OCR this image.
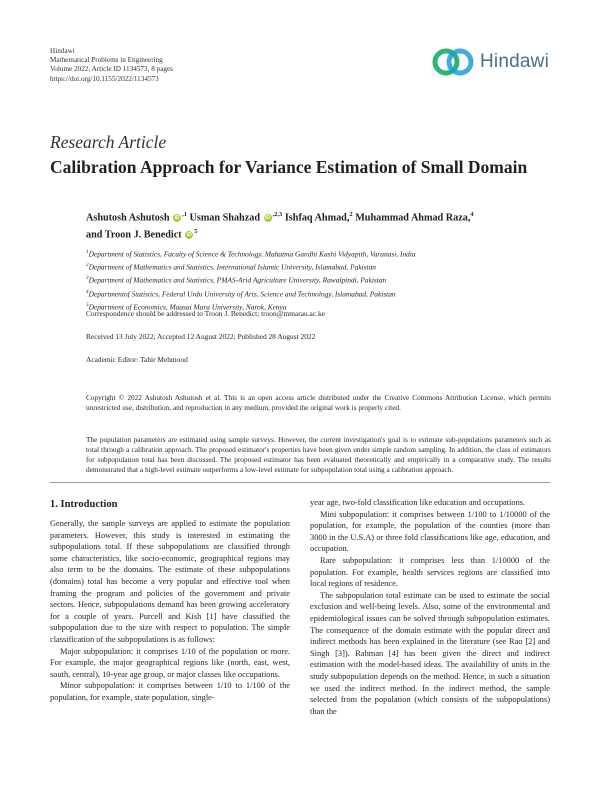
Hindawi
Mathematical Problems in Engineering
Volume 2022, Article ID 1134573, 8 pages
https://doi.org/10.1155/2022/1134573
Hindawi
Research Article
Calibration Approach for Variance Estimation of Small Domain
Ashutosh Ashutosh $iD^{,1}$ Usman Shahzad $iD^{,2,3}$ Ishfaq Ahmad,$^2$ Muhammad Ahmad Raza,$^4$
and Troon J. Benedict $iD^5$
$^1$Department of Statistics, Faculty of Science & Technology, Mahatma Gandhi Kashi Vidyapith, Varanasi, India
$^2$Department of Mathematics and Statistics, International Islamic University, Islamabad, Pakistan
$^3$Department of Mathematics and Statistics, PMAS-Arid Agriculture University, Rawalpindi, Pakistan
$^4$Departmentof Statistics, Federal Urdu University of Arts, Science and Technology, Islamabad, Pakistan
$^5$Department of Economics, Maasai Mara University, Narok, Kenya
Correspondence should be addressed to Troon J. Benedict; troon@mmarau.ac.ke
Received 13 July 2022; Accepted 12 August 2022; Published 28 August 2022
Academic Editor: Tahir Mehmood
Copyright © 2022 Ashutosh Ashutosh et al. This is an open access article distributed under the Creative Commons Attribution License, which permits unrestricted use, distribution, and reproduction in any medium, provided the original work is properly cited.
The population parameters are estimated using sample surveys. However, the current investigation's goal is to estimate sub-populations parameters such as total through a calibration approach. The proposed estimator's properties have been given under simple random sampling. In addition, the class of estimators for subpopulation total has been discussed. The proposed estimator has been evaluated theoretically and empirically in a comparative study. The results demonstrated that a high-level estimate outperforms a low-level estimate for subpopulation total using a calibration approach.
1. Introduction

Generally, the sample surveys are applied to estimate the population parameters. However, this study is interested in estimating the subpopulations total. If these subpopulations are classified through some characteristics, like socio-economic, geographical regions may also term to be the domains. The estimate of these subpopulations (domains) total has become a very popular and effective tool when framing the program and policies of the government and private sectors. Hence, subpopulations demand has been growing acceleratory for a couple of years. Purcell and Kish [1] have classified the subpopulation due to the size with respect to population. The simple classification of the subpopulations is as follows:

Major subpopulation: it comprises 1/10 of the population or more. For example, the major geographical regions like (north, east, west, south, central), 10-year age group, or major classes like occupations.

Minor subpopulation: it comprises between 1/10 to 1/100 of the population, for example, state population, single-

year age, two-fold classification like education and occupations.

Mini subpopulation: it comprises between 1/100 to 1/10000 of the population, for example, the population of the counties (more than 3000 in the U.S.A) or three fold classifications like age, education, and occupation.

Rare subpopulation: it comprises less than 1/10000 of the population. For example, health services regions are classified into local regions of residence.

The subpopulation total estimate can be used to estimate the social exclusion and well-being levels. Also, some of the environmental and epidemiological issues can be solved through subpopulation estimates. The consequence of the domain estimate with the popular direct and indirect methods has been explained in the literature (see Rao [2] and Singh [3]). Rahman [4] has been given the direct and indirect estimation with the model-based ideas. The availability of units in the study subpopulation depends on the method. Hence, in such a situation we used the indirect method. In the indirect method, the sample selected from the population (which consists of the subpopulations) than the
